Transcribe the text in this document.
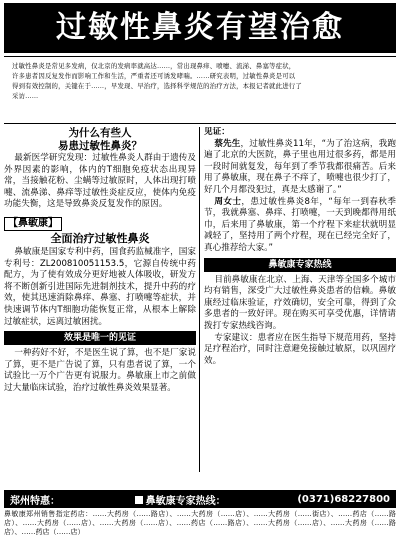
过敏性鼻炎有望治愈
过敏性鼻炎是常见多发病，仅北京的发病率就高达……，常出现鼻痒、喷嚏、流涕、鼻塞等症状，
许多患者因反复发作而影响工作和生活，严重者还可诱发哮喘。……研究表明，过敏性鼻炎是可以
得到有效控制的，关键在于……，早发现、早治疗，选择科学规范的治疗方法，本报记者就此进行了
采访……
为什么有些人
易患过敏性鼻炎？

最新医学研究发现：过敏性鼻炎人群由于遗传及外界因素的影响，体内的T细胞免疫状态出现异常，当接触花粉、尘螨等过敏原时，人体出现打喷嚏、流鼻涕、鼻痒等过敏性炎症反应，使体内免疫功能失衡，这是导致鼻炎反复发作的原因。

【鼻敏康】
全面治疗过敏性鼻炎

鼻敏康是国家专利中药，国食药监械准字，国家专利号：ZL200810051153.5，它源自传统中药配方，为了使有效成分更好地被人体吸收，研发方将不断创新引进国际先进制剂技术，提升中药的疗效，使其迅速消除鼻痒、鼻塞、打喷嚏等症状，并快速调节体内T细胞功能恢复正常，从根本上解除过敏症状，远离过敏困扰。

效果是唯一的见证

一种药好不好，不是医生说了算，也不是厂家说了算，更不是广告说了算，只有患者说了算，一个试验比一万个广告更有说服力。鼻敏康上市之前做过大量临床试验，治疗过敏性鼻炎效果显著。

见证：

蔡先生，过敏性鼻炎11年，“为了治这病，我跑遍了北京的大医院，鼻子里也用过很多药，都是用一段时间就复发，每年到了季节我都很痛苦。后来用了鼻敏康，现在鼻子不痒了，喷嚏也很少打了，好几个月都没犯过，真是太感谢了。”

周女士，患过敏性鼻炎8年，“每年一到春秋季节，我就鼻塞、鼻痒、打喷嚏，一天到晚都得用纸巾，后来用了鼻敏康，第一个疗程下来症状就明显减轻了，坚持用了两个疗程，现在已经完全好了，真心推荐给大家。”

鼻敏康专家热线

目前鼻敏康在北京、上海、天津等全国多个城市均有销售，深受广大过敏性鼻炎患者的信赖。鼻敏康经过临床验证，疗效确切，安全可靠，得到了众多患者的一致好评。现在购买可享受优惠，详情请拨打专家热线咨询。

专家建议：患者应在医生指导下规范用药，坚持足疗程治疗，同时注意避免接触过敏原，以巩固疗效。

郑州特惠：	鼻敏康专家热线：	(0371)68227800
鼻敏康郑州销售指定药店：……大药房（……路店）、……大药房（……店）、……大药房（……街店）、……药店（……路店）、……大药房（……店）、……大药房（……店）、……药店（……路店）、……大药房（……店）、……大药房（……路店）、……药店（……店）
